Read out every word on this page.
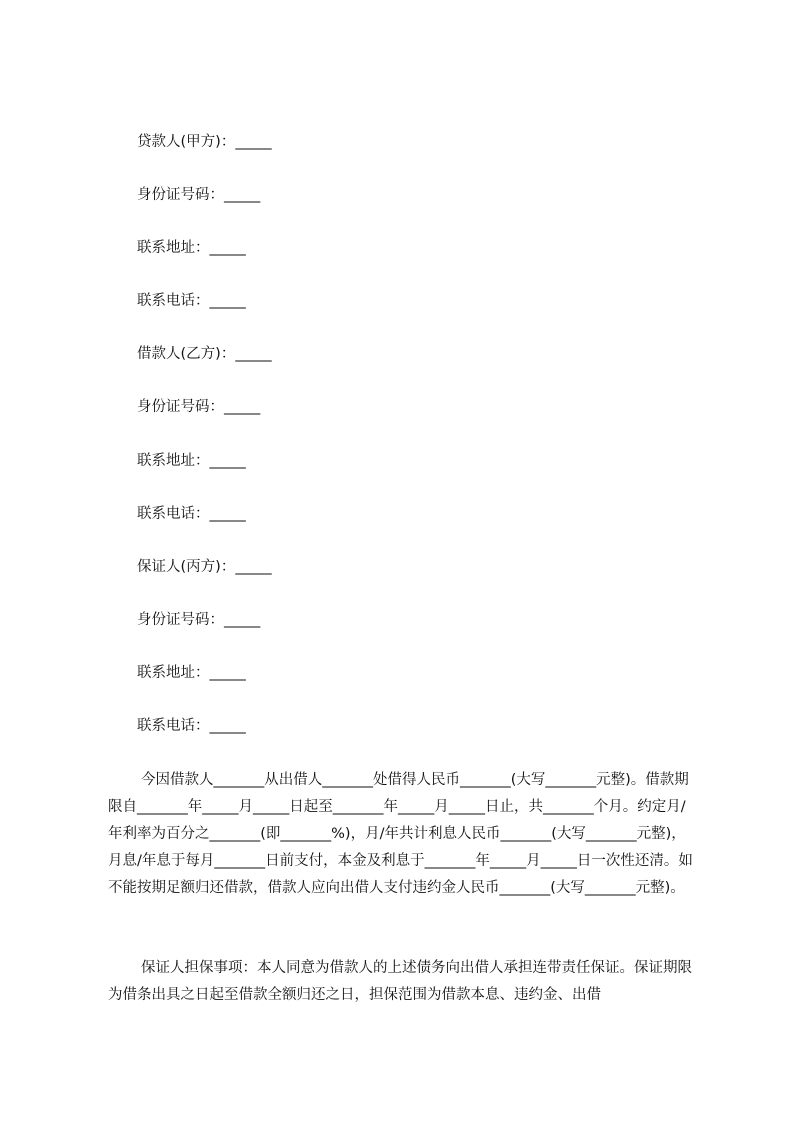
贷款人(甲方)：_____

身份证号码：_____

联系地址：_____

联系电话：_____

借款人(乙方)：_____

身份证号码：_____

联系地址：_____

联系电话：_____

保证人(丙方)：_____

身份证号码：_____

联系地址：_____

联系电话：_____

今因借款人_______从出借人_______处借得人民币_______(大写_______元整)。借款期限自_______年_____月_____日起至_______年_____月_____日止，共_______个月。约定月/年利率为百分之_______(即_______%)，月/年共计利息人民币_______(大写_______元整)，月息/年息于每月_______日前支付，本金及利息于_______年_____月_____日一次性还清。如不能按期足额归还借款，借款人应向出借人支付违约金人民币_______(大写_______元整)。

保证人担保事项：本人同意为借款人的上述债务向出借人承担连带责任保证。保证期限为借条出具之日起至借款全额归还之日，担保范围为借款本息、违约金、出借
